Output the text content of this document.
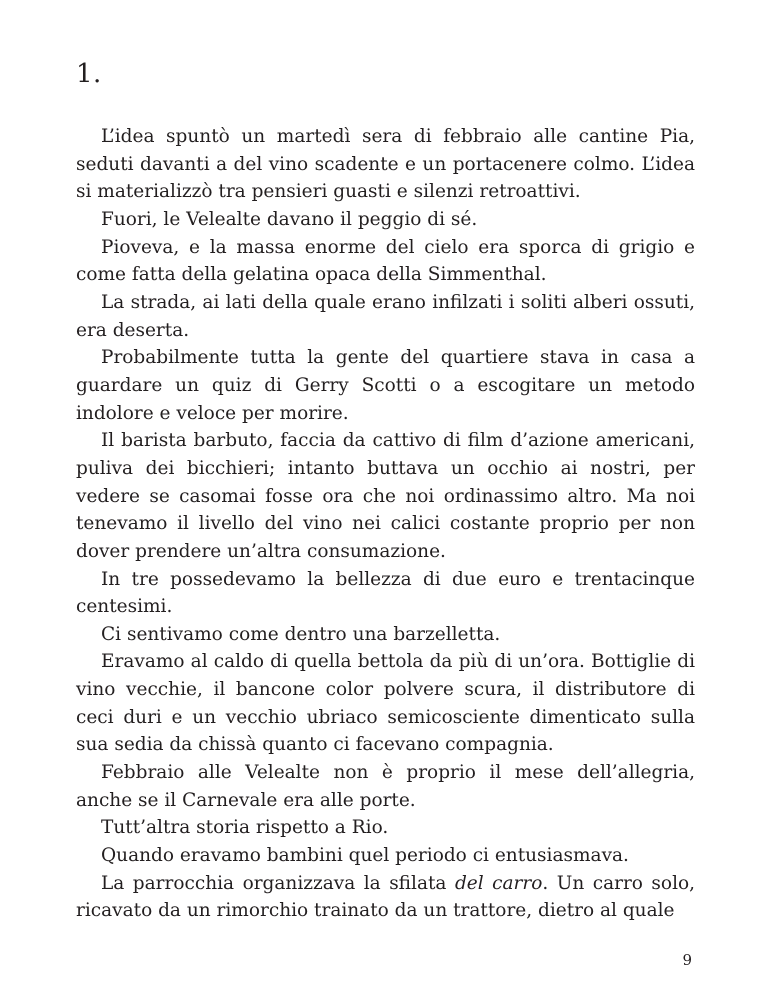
1.

L’idea spuntò un martedì sera di febbraio alle cantine Pia, seduti davanti a del vino scadente e un portacenere colmo. L’idea si materializzò tra pensieri guasti e silenzi retroattivi.

Fuori, le Velealte davano il peggio di sé.

Pioveva, e la massa enorme del cielo era sporca di grigio e come fatta della gelatina opaca della Simmenthal.

La strada, ai lati della quale erano infilzati i soliti alberi ossuti, era deserta.

Probabilmente tutta la gente del quartiere stava in casa a guardare un quiz di Gerry Scotti o a escogitare un metodo indolore e veloce per morire.

Il barista barbuto, faccia da cattivo di film d’azione americani, puliva dei bicchieri; intanto buttava un occhio ai nostri, per vedere se casomai fosse ora che noi ordinassimo altro. Ma noi tenevamo il livello del vino nei calici costante proprio per non dover prendere un’altra consumazione.

In tre possedevamo la bellezza di due euro e trentacinque centesimi.

Ci sentivamo come dentro una barzelletta.

Eravamo al caldo di quella bettola da più di un’ora. Bottiglie di vino vecchie, il bancone color polvere scura, il distributore di ceci duri e un vecchio ubriaco semicosciente dimenticato sulla sua sedia da chissà quanto ci facevano compagnia.

Febbraio alle Velealte non è proprio il mese dell’allegria, anche se il Carnevale era alle porte.

Tutt’altra storia rispetto a Rio.

Quando eravamo bambini quel periodo ci entusiasmava.

La parrocchia organizzava la sfilata del carro. Un carro solo, ricavato da un rimorchio trainato da un trattore, dietro al quale

9
